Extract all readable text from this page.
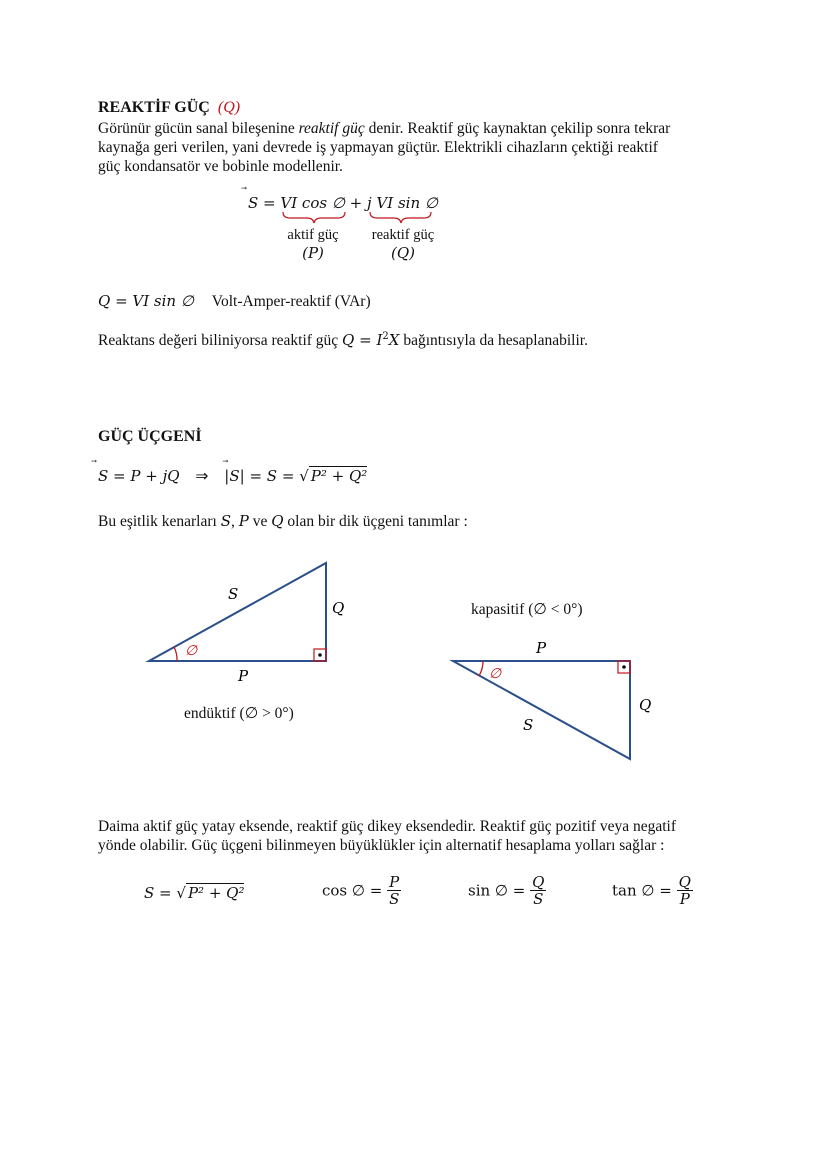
REAKTİF GÜÇ (Q)
Görünür gücün sanal bileşenine reaktif güç denir. Reaktif güç kaynaktan çekilip sonra tekrar
kaynağa geri verilen, yani devrede iş yapmayan güçtür. Elektrikli cihazların çektiği reaktif
güç kondansatör ve bobinle modellenir.
S
= VI cos ∅ + j VI sin ∅
aktif güç
(P)
reaktif güç
(Q)
Q = VI sin ∅ Volt-Amper-reaktif (VAr)
Reaktans değeri biliniyorsa reaktif güç $Q = I^2X$ bağıntısıyla da hesaplanabilir.
GÜÇ ÜÇGENİ
S
= P + jQ ⇒ |S
| = S = √ P² + Q²
Bu eşitlik kenarları S, P ve Q olan bir dik üçgeni tanımlar :
S
Q
P
∅
endüktif (∅ > 0°)
kapasitif (∅ < 0°)
P
Q
S
∅
Daima aktif güç yatay eksende, reaktif güç dikey eksendedir. Reaktif güç pozitif veya negatif
yönde olabilir. Güç üçgeni bilinmeyen büyüklükler için alternatif hesaplama yolları sağlar :
S = √ P² + Q²	cos ∅ = $\frac{P}{S}$	sin ∅ = $\frac{Q}{S}$	tan ∅ = $\frac{Q}{P}$
